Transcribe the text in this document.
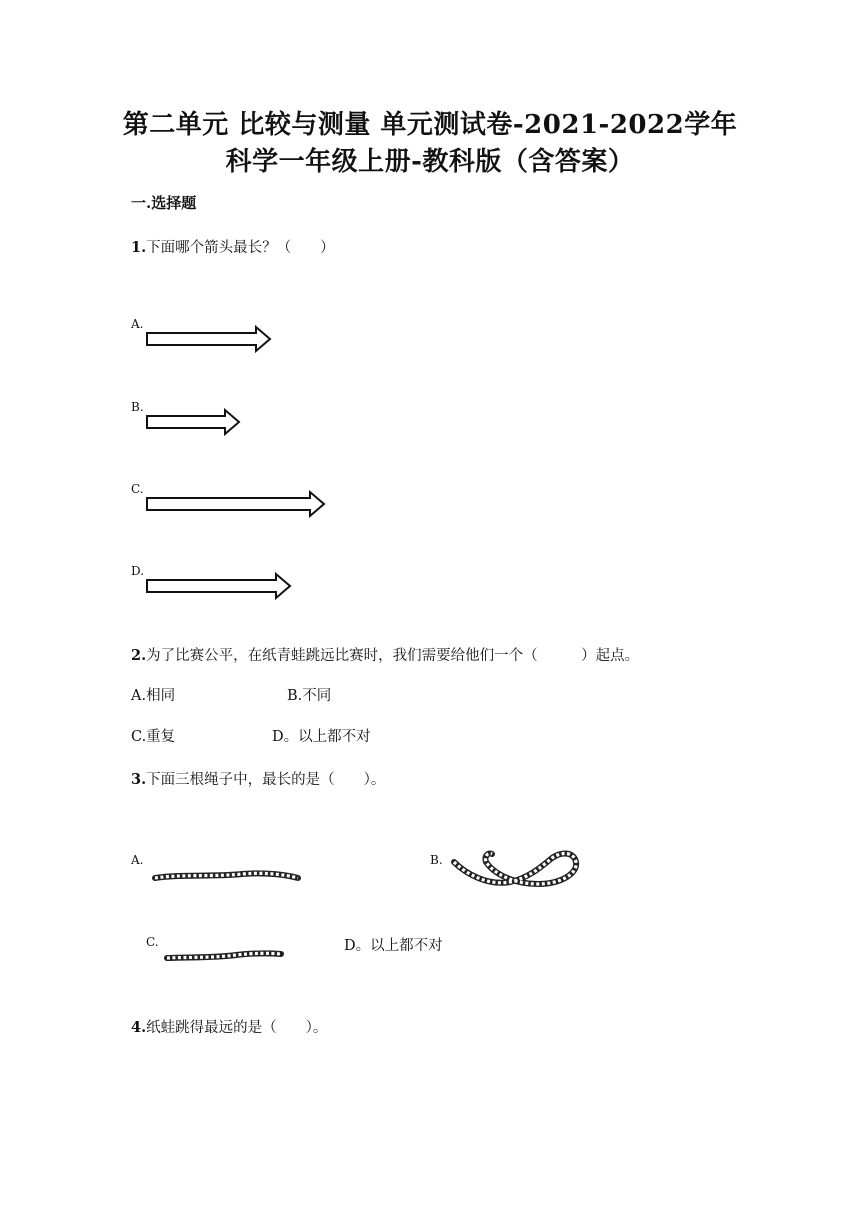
第二单元 比较与测量 单元测试卷-2021-2022学年
科学一年级上册-教科版（含答案）
一.选择题
1.下面哪个箭头最长？（　　）
A.
B.
C.
D.
2.为了比赛公平，在纸青蛙跳远比赛时，我们需要给他们一个（　　　）起点。
A.相同	B.不同
C.重复	D。以上都不对
3.下面三根绳子中，最长的是（　　）。
A.	B.
C.	D。以上都不对
4.纸蛙跳得最远的是（　　）。
